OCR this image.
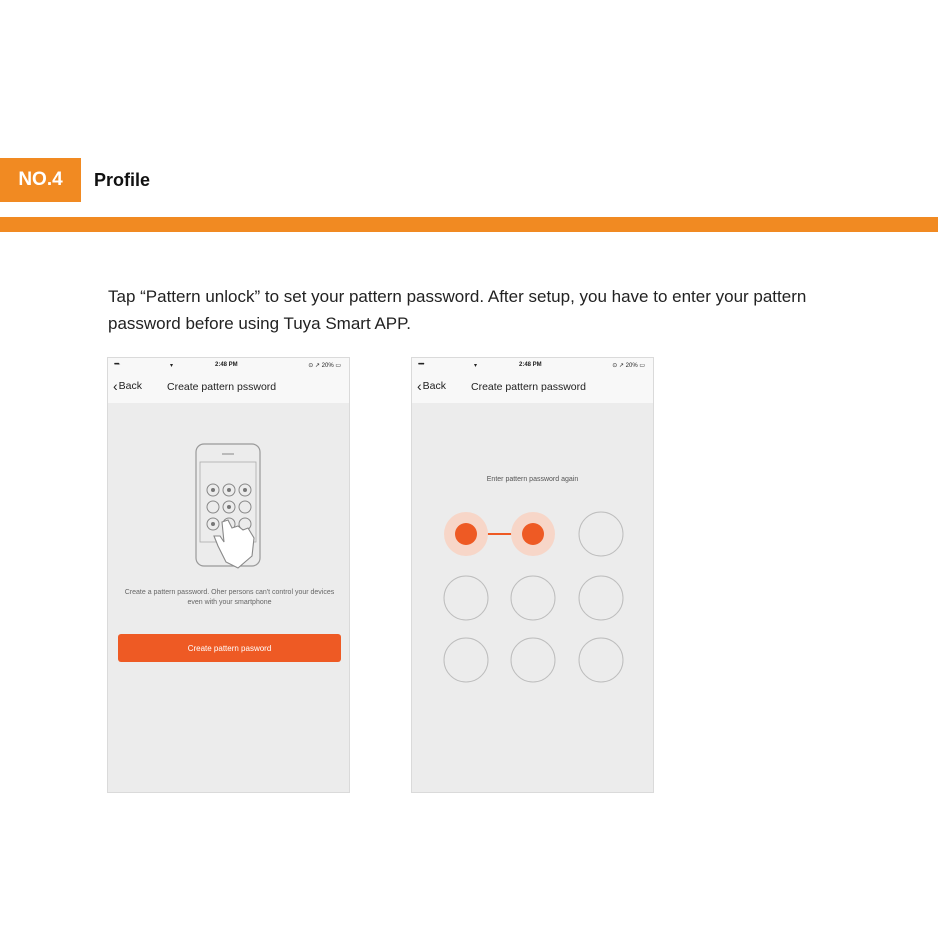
NO.4	Profile
Tap “Pattern unlock” to set your pattern password. After setup, you have to enter your pattern password before using Tuya Smart APP.
••••◦	▾	2:48 PM	⊙ ↗ 20% ▭
‹ Back Create pattern pssword
Create a pattern password. Oher persons can't control your devices even with your smartphone
Create pattern pasword
•••••	▾	2:48 PM	⊙ ↗ 20% ▭
‹ Back Create pattern password
Enter pattern password again
